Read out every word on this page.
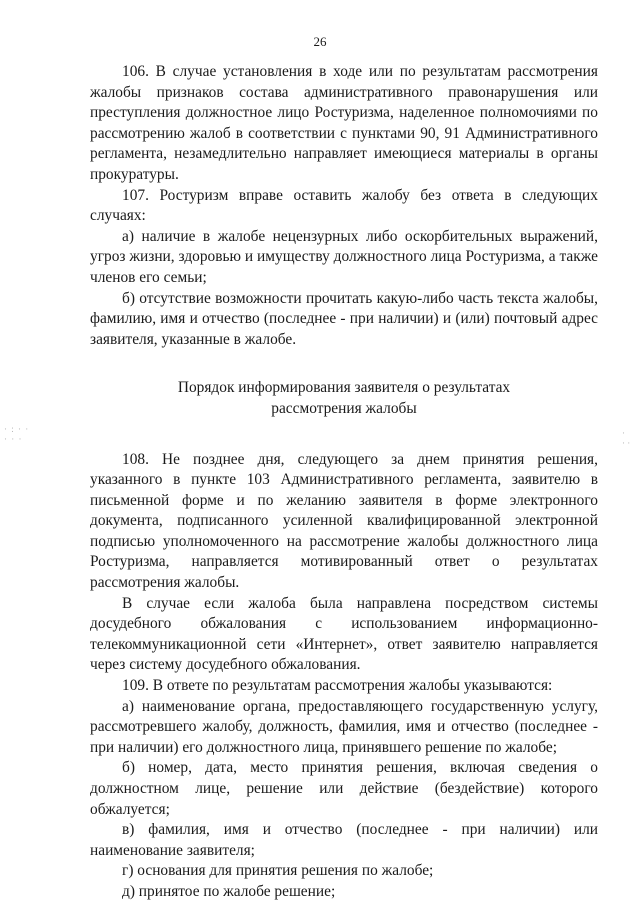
26
· : · ·
· · ·
·
· ·

106. В случае установления в ходе или по результатам рассмотрения жалобы признаков состава административного правонарушения или преступления должностное лицо Ростуризма, наделенное полномочиями по рассмотрению жалоб в соответствии с пунктами 90, 91 Административного регламента, незамедлительно направляет имеющиеся материалы в органы прокуратуры.

107. Ростуризм вправе оставить жалобу без ответа в следующих случаях:

а) наличие в жалобе нецензурных либо оскорбительных выражений, угроз жизни, здоровью и имуществу должностного лица Ростуризма, а также членов его семьи;

б) отсутствие возможности прочитать какую-либо часть текста жалобы, фамилию, имя и отчество (последнее - при наличии) и (или) почтовый адрес заявителя, указанные в жалобе.

Порядок информирования заявителя о результатах
рассмотрения жалобы

108. Не позднее дня, следующего за днем принятия решения, указанного в пункте 103 Административного регламента, заявителю в письменной форме и по желанию заявителя в форме электронного документа, подписанного усиленной квалифицированной электронной подписью уполномоченного на рассмотрение жалобы должностного лица Ростуризма, направляется мотивированный ответ о результатах рассмотрения жалобы.

В случае если жалоба была направлена посредством системы досудебного обжалования с использованием информационно-телекоммуникационной сети «Интернет», ответ заявителю направляется через систему досудебного обжалования.

109. В ответе по результатам рассмотрения жалобы указываются:

а) наименование органа, предоставляющего государственную услугу, рассмотревшего жалобу, должность, фамилия, имя и отчество (последнее - при наличии) его должностного лица, принявшего решение по жалобе;

б) номер, дата, место принятия решения, включая сведения о должностном лице, решение или действие (бездействие) которого обжалуется;

в) фамилия, имя и отчество (последнее - при наличии) или наименование заявителя;

г) основания для принятия решения по жалобе;

д) принятое по жалобе решение;
